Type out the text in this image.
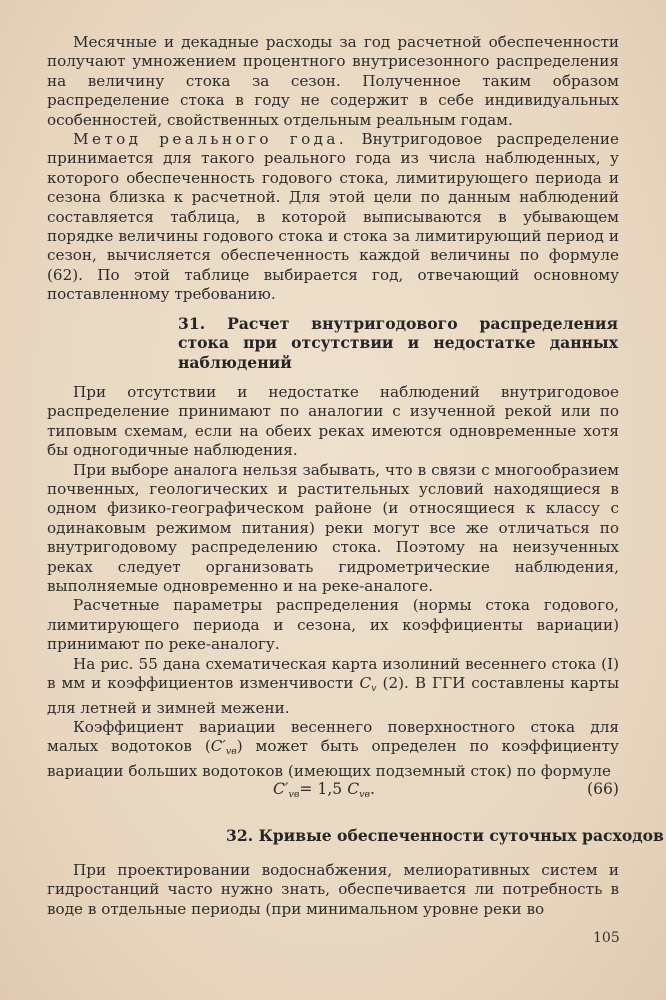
Месячные и декадные расходы за год расчетной обеспеченности получают умножением процентного внутрисезонного распределения на величину стока за сезон. Полученное таким образом распределение стока в году не содержит в себе индивидуальных особенностей, свойственных отдельным реальным годам.

Метод реального года. Внутригодовое распределение принимается для такого реального года из числа наблюденных, у которого обеспеченность годового стока, лимитирующего периода и сезона близка к расчетной. Для этой цели по данным наблюдений составляется таблица, в которой выписываются в убывающем порядке величины годового стока и стока за лимитирующий период и сезон, вычисляется обеспеченность каждой величины по формуле (62). По этой таблице выбирается год, отвечающий основному поставленному требованию.

31. Расчет внутригодового распределения стока при отсутствии и недостатке данных наблюдений

При отсутствии и недостатке наблюдений внутригодовое распределение принимают по аналогии с изученной рекой или по типовым схемам, если на обеих реках имеются одновременные хотя бы одногодичные наблюдения.

При выборе аналога нельзя забывать, что в связи с многообразием почвенных, геологических и растительных условий находящиеся в одном физико-географическом районе (и относящиеся к классу с одинаковым режимом питания) реки могут все же отличаться по внутригодовому распределению стока. Поэтому на неизученных реках следует организовать гидрометрические наблюдения, выполняемые одновременно и на реке-аналоге.

Расчетные параметры распределения (нормы стока годового, лимитирующего периода и сезона, их коэффициенты вариации) принимают по реке-аналогу.

На рис. 55 дана схематическая карта изолиний весеннего стока (I) в мм и коэффициентов изменчивости $C_v$ (2). В ГГИ составлены карты для летней и зимней межени.

Коэффициент вариации весеннего поверхностного стока для малых водотоков $(C'_{vв})$ может быть определен по коэффициенту вариации больших водотоков (имеющих подземный сток) по формуле

$C'_{vв}= 1,5$ $C_{vв}$.	(66)
32. Кривые обеспеченности суточных расходов

При проектировании водоснабжения, мелиоративных систем и гидростанций часто нужно знать, обеспечивается ли потребность в воде в отдельные периоды (при минимальном уровне реки во

105
